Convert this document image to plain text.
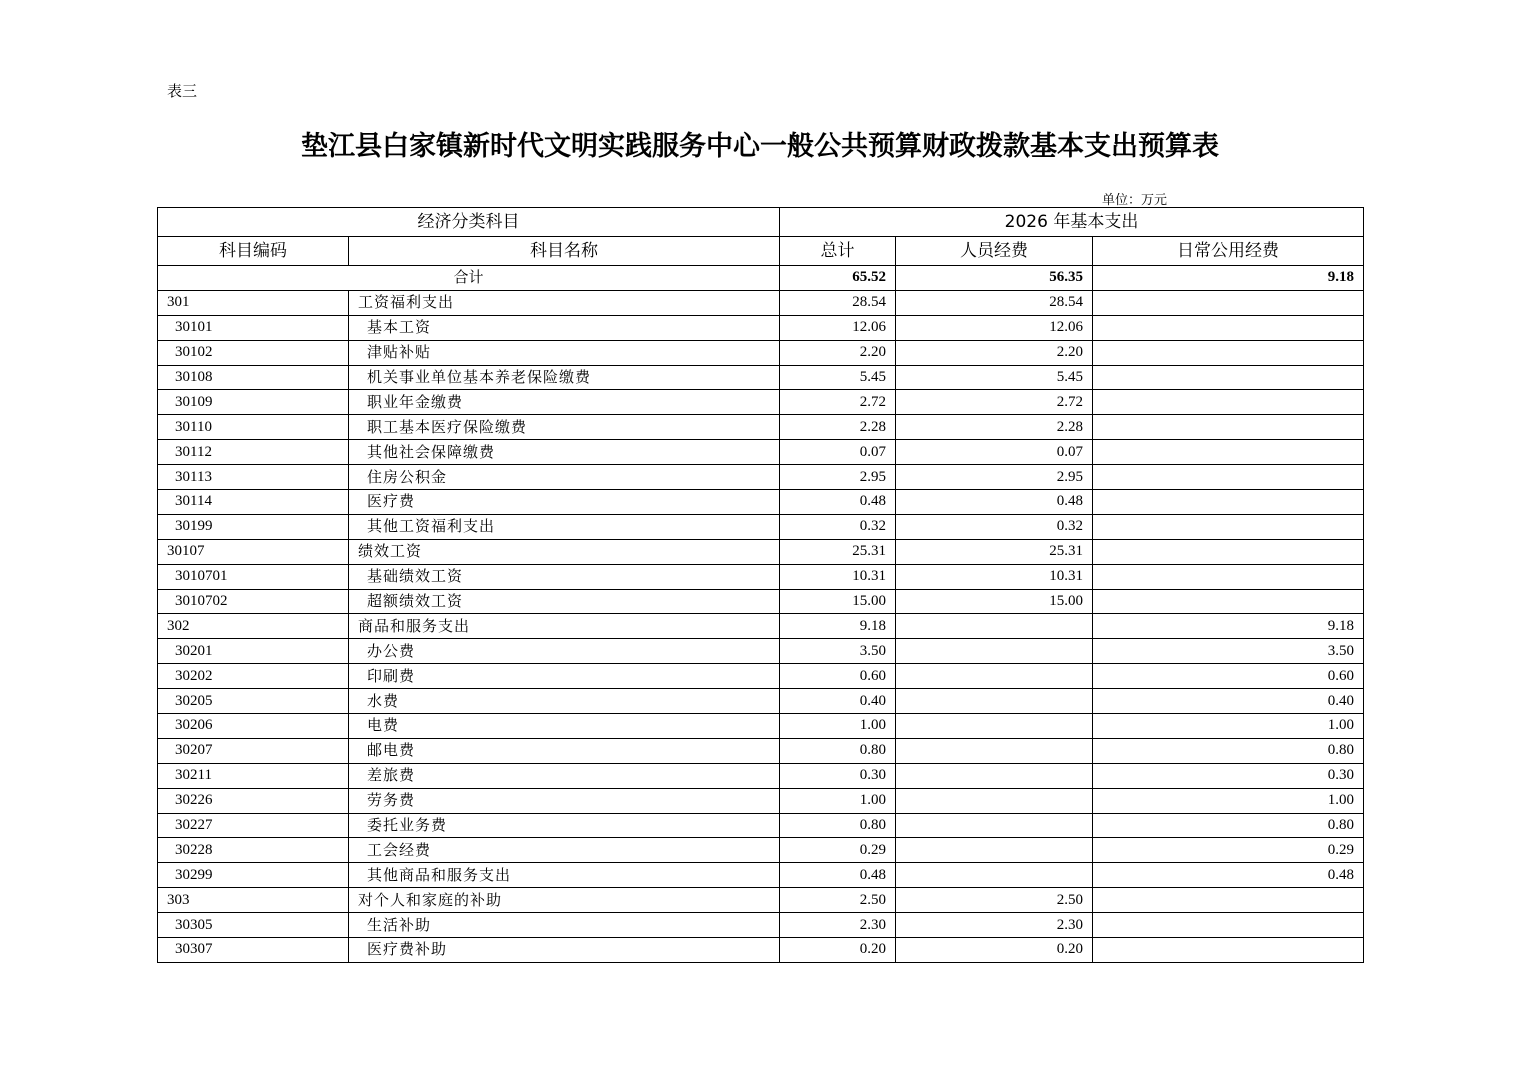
表三
垫江县白家镇新时代文明实践服务中心一般公共预算财政拨款基本支出预算表
单位：万元
经济分类科目		2026 年基本支出		
科目编码	科目名称	总计	人员经费	日常公用经费
合计		65.52	56.35	9.18
301	工资福利支出	28.54	28.54	
30101	基本工资	12.06	12.06	
30102	津贴补贴	2.20	2.20	
30108	机关事业单位基本养老保险缴费	5.45	5.45	
30109	职业年金缴费	2.72	2.72	
30110	职工基本医疗保险缴费	2.28	2.28	
30112	其他社会保障缴费	0.07	0.07	
30113	住房公积金	2.95	2.95	
30114	医疗费	0.48	0.48	
30199	其他工资福利支出	0.32	0.32	
30107	绩效工资	25.31	25.31	
3010701	基础绩效工资	10.31	10.31	
3010702	超额绩效工资	15.00	15.00	
302	商品和服务支出	9.18		9.18
30201	办公费	3.50		3.50
30202	印刷费	0.60		0.60
30205	水费	0.40		0.40
30206	电费	1.00		1.00
30207	邮电费	0.80		0.80
30211	差旅费	0.30		0.30
30226	劳务费	1.00		1.00
30227	委托业务费	0.80		0.80
30228	工会经费	0.29		0.29
30299	其他商品和服务支出	0.48		0.48
303	对个人和家庭的补助	2.50	2.50	
30305	生活补助	2.30	2.30	
30307	医疗费补助	0.20	0.20	
